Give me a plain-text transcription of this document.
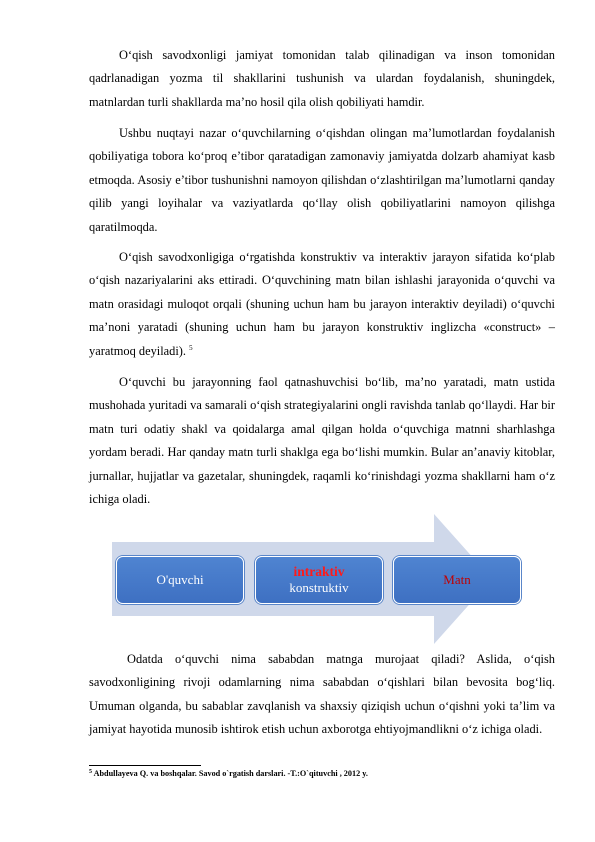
O‘qish savodxonligi jamiyat tomonidan talab qilinadigan va inson tomonidan qadrlanadigan yozma til shakllarini tushunish va ulardan foydalanish, shuningdek, matnlardan turli shakllarda ma’no hosil qila olish qobiliyati hamdir.

Ushbu nuqtayi nazar o‘quvchilarning o‘qishdan olingan ma’lumotlardan foydalanish qobiliyatiga tobora ko‘proq e’tibor qaratadigan zamonaviy jamiyatda dolzarb ahamiyat kasb etmoqda. Asosiy e’tibor tushunishni namoyon qilishdan o‘zlashtirilgan ma’lumotlarni qanday qilib yangi loyihalar va vaziyatlarda qo‘llay olish qobiliyatlarini namoyon qilishga qaratilmoqda.

O‘qish savodxonligiga o‘rgatishda konstruktiv va interaktiv jarayon sifatida ko‘plab o‘qish nazariyalarini aks ettiradi. O‘quvchining matn bilan ishlashi jarayonida o‘quvchi va matn orasidagi muloqot orqali (shuning uchun ham bu jarayon interaktiv deyiladi) o‘quvchi ma’noni yaratadi (shuning uchun ham bu jarayon konstruktiv inglizcha «construct» – yaratmoq deyiladi). $^5$

O‘quvchi bu jarayonning faol qatnashuvchisi bo‘lib, ma’no yaratadi, matn ustida mushohada yuritadi va samarali o‘qish strategiyalarini ongli ravishda tanlab qo‘llaydi. Har bir matn turi odatiy shakl va qoidalarga amal qilgan holda o‘quvchiga matnni sharhlashga yordam beradi. Har qanday matn turli shaklga ega bo‘lishi mumkin. Bular an’anaviy kitoblar, jurnallar, hujjatlar va gazetalar, shuningdek, raqamli ko‘rinishdagi yozma shakllarni ham o‘z ichiga oladi.

O'quvchi
intraktiv
konstruktiv
Matn

Odatda o‘quvchi nima sababdan matnga murojaat qiladi? Aslida, o‘qish savodxonligining rivoji odamlarning nima sababdan o‘qishlari bilan bevosita bog‘liq. Umuman olganda, bu sabablar zavqlanish va shaxsiy qiziqish uchun o‘qishni yoki ta’lim va jamiyat hayotida munosib ishtirok etish uchun axborotga ehtiyojmandlikni o‘z ichiga oladi.

$^5$ Abdullayeva Q. va boshqalar. Savod o`rgatish darslari. -T.:O`qituvchi , 2012 y.
